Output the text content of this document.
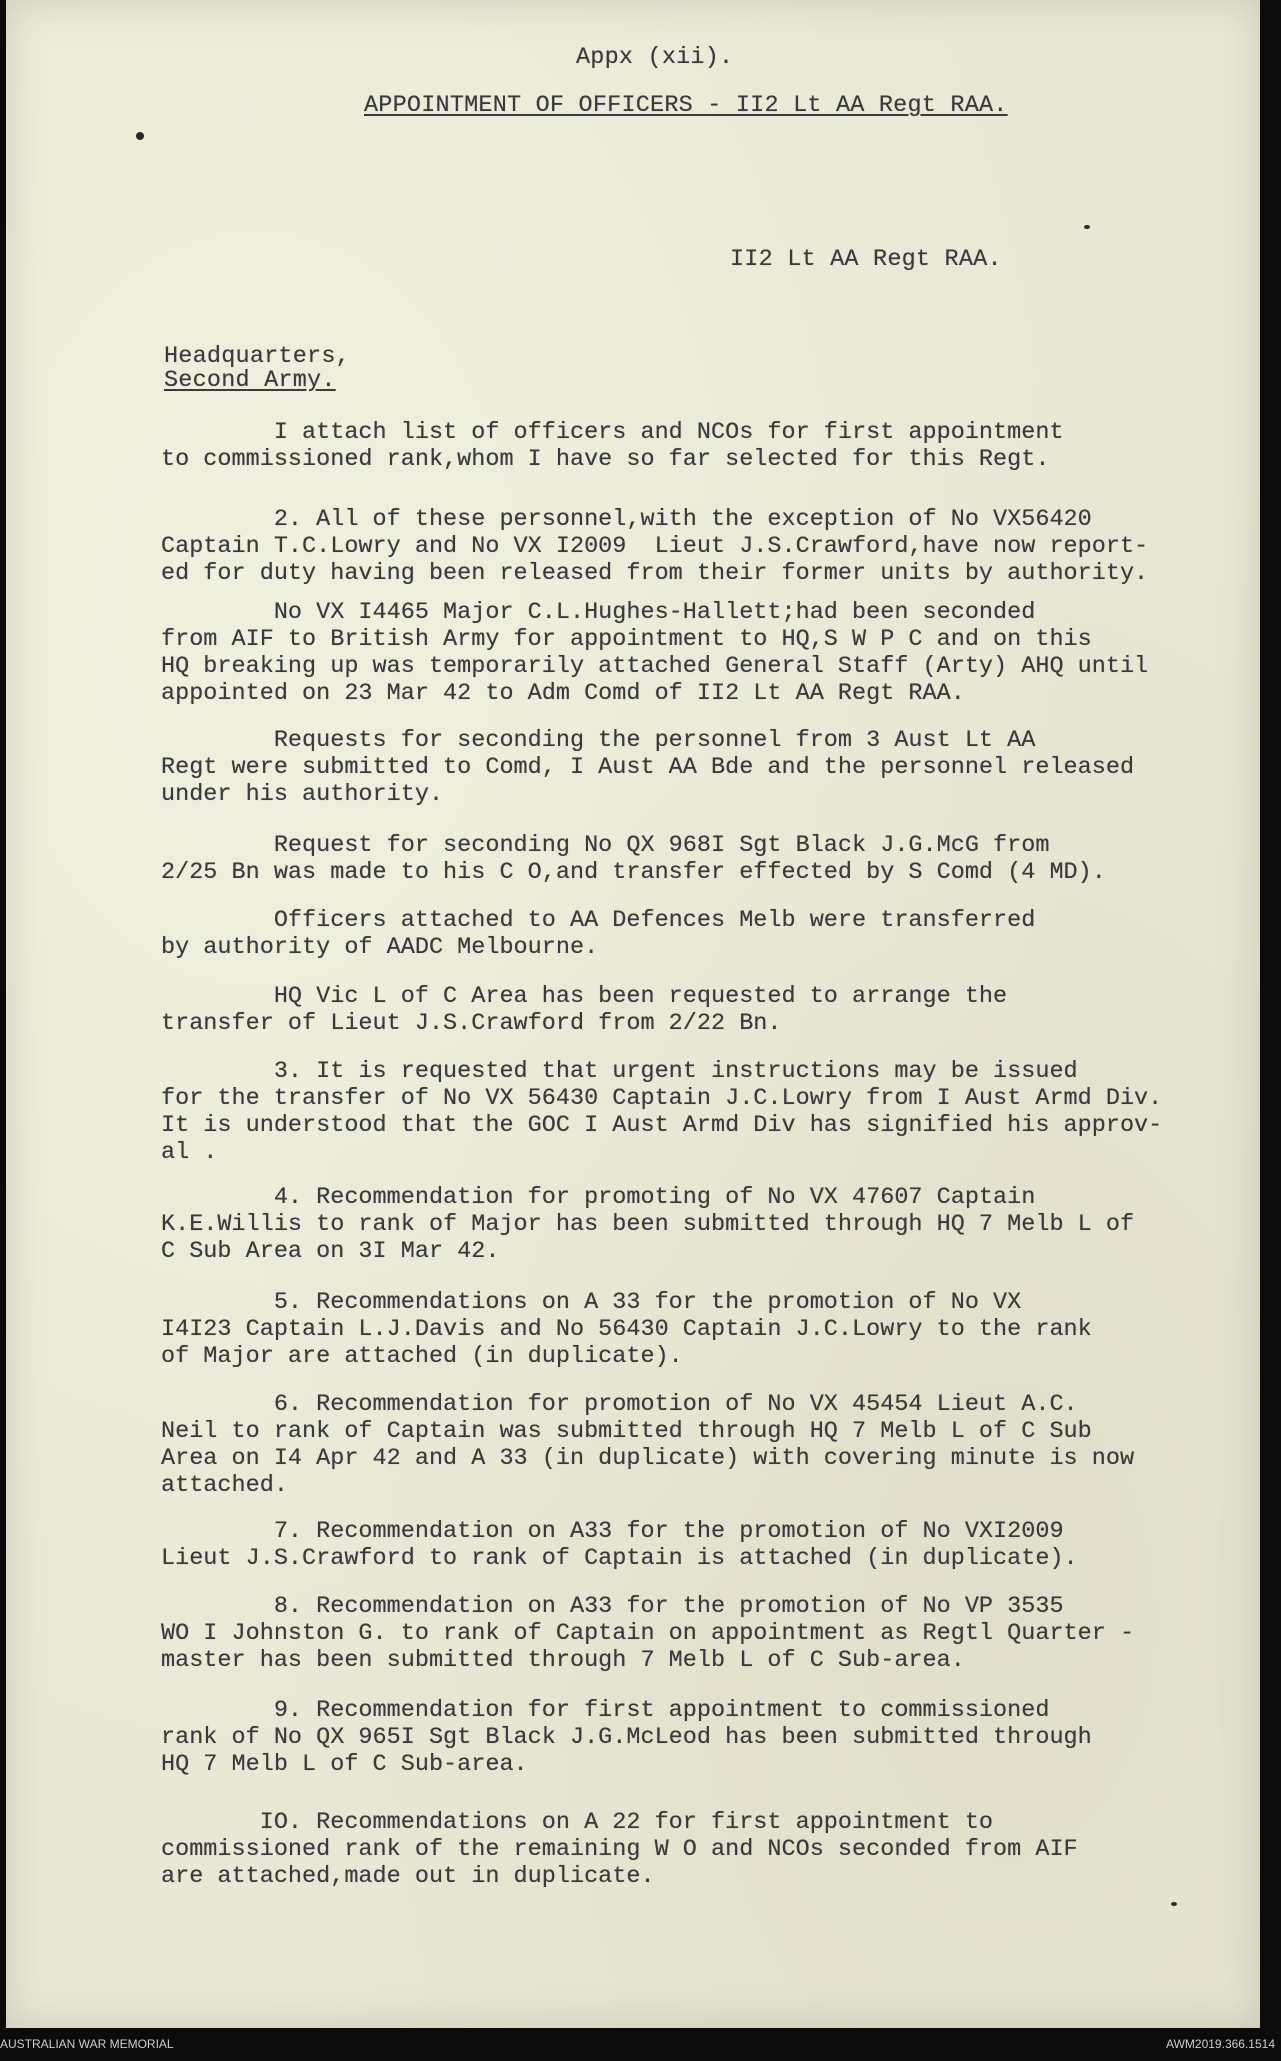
Appx (xii).
APPOINTMENT OF OFFICERS - II2 Lt AA Regt RAA.
II2 Lt AA Regt RAA.
Headquarters,
Second Army.
I attach list of officers and NCOs for first appointment
to commissioned rank,whom I have so far selected for this Regt.
2. All of these personnel,with the exception of No VX56420
Captain T.C.Lowry and No VX I2009  Lieut J.S.Crawford,have now report-
ed for duty having been released from their former units by authority.
No VX I4465 Major C.L.Hughes-Hallett;had been seconded
from AIF to British Army for appointment to HQ,S W P C and on this
HQ breaking up was temporarily attached General Staff (Arty) AHQ until
appointed on 23 Mar 42 to Adm Comd of II2 Lt AA Regt RAA.
Requests for seconding the personnel from 3 Aust Lt AA
Regt were submitted to Comd, I Aust AA Bde and the personnel released
under his authority.
Request for seconding No QX 968I Sgt Black J.G.McG from
2/25 Bn was made to his C O,and transfer effected by S Comd (4 MD).
Officers attached to AA Defences Melb were transferred
by authority of AADC Melbourne.
HQ Vic L of C Area has been requested to arrange the
transfer of Lieut J.S.Crawford from 2/22 Bn.
3. It is requested that urgent instructions may be issued
for the transfer of No VX 56430 Captain J.C.Lowry from I Aust Armd Div.
It is understood that the GOC I Aust Armd Div has signified his approv-
al .
4. Recommendation for promoting of No VX 47607 Captain
K.E.Willis to rank of Major has been submitted through HQ 7 Melb L of
C Sub Area on 3I Mar 42.
5. Recommendations on A 33 for the promotion of No VX
I4I23 Captain L.J.Davis and No 56430 Captain J.C.Lowry to the rank
of Major are attached (in duplicate).
6. Recommendation for promotion of No VX 45454 Lieut A.C.
Neil to rank of Captain was submitted through HQ 7 Melb L of C Sub
Area on I4 Apr 42 and A 33 (in duplicate) with covering minute is now
attached.
7. Recommendation on A33 for the promotion of No VXI2009
Lieut J.S.Crawford to rank of Captain is attached (in duplicate).
8. Recommendation on A33 for the promotion of No VP 3535
WO I Johnston G. to rank of Captain on appointment as Regtl Quarter -
master has been submitted through 7 Melb L of C Sub-area.
9. Recommendation for first appointment to commissioned
rank of No QX 965I Sgt Black J.G.McLeod has been submitted through
HQ 7 Melb L of C Sub-area.
IO. Recommendations on A 22 for first appointment to
commissioned rank of the remaining W O and NCOs seconded from AIF
are attached,made out in duplicate.
AUSTRALIAN WAR MEMORIAL	AWM2019.366.1514
